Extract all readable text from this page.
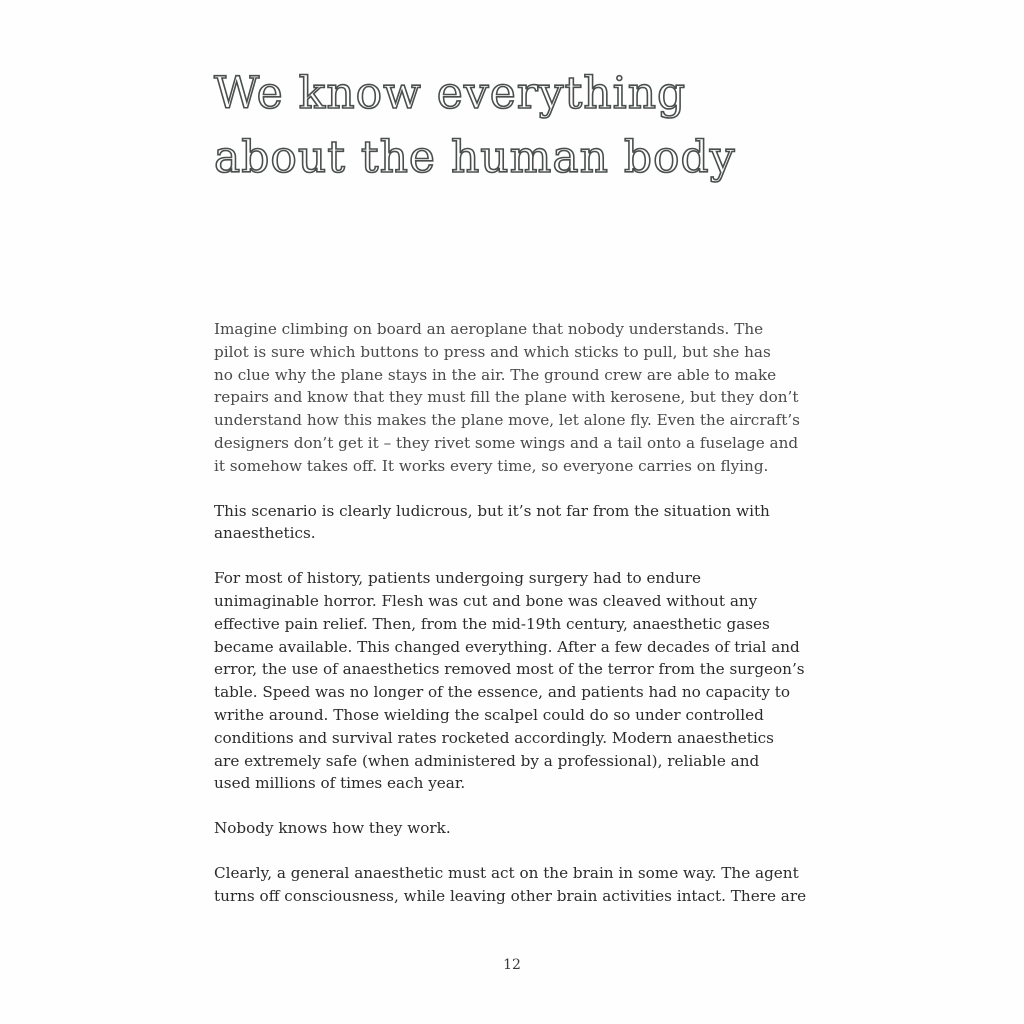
We know everything
about the human body

Imagine climbing on board an aeroplane that nobody understands. The
pilot is sure which buttons to press and which sticks to pull, but she has
no clue why the plane stays in the air. The ground crew are able to make
repairs and know that they must fill the plane with kerosene, but they don’t
understand how this makes the plane move, let alone fly. Even the aircraft’s
designers don’t get it – they rivet some wings and a tail onto a fuselage and
it somehow takes off. It works every time, so everyone carries on flying.

This scenario is clearly ludicrous, but it’s not far from the situation with
anaesthetics.

For most of history, patients undergoing surgery had to endure
unimaginable horror. Flesh was cut and bone was cleaved without any
effective pain relief. Then, from the mid-19th century, anaesthetic gases
became available. This changed everything. After a few decades of trial and
error, the use of anaesthetics removed most of the terror from the surgeon’s
table. Speed was no longer of the essence, and patients had no capacity to
writhe around. Those wielding the scalpel could do so under controlled
conditions and survival rates rocketed accordingly. Modern anaesthetics
are extremely safe (when administered by a professional), reliable and
used millions of times each year.

Nobody knows how they work.

Clearly, a general anaesthetic must act on the brain in some way. The agent
turns off consciousness, while leaving other brain activities intact. There are

12
